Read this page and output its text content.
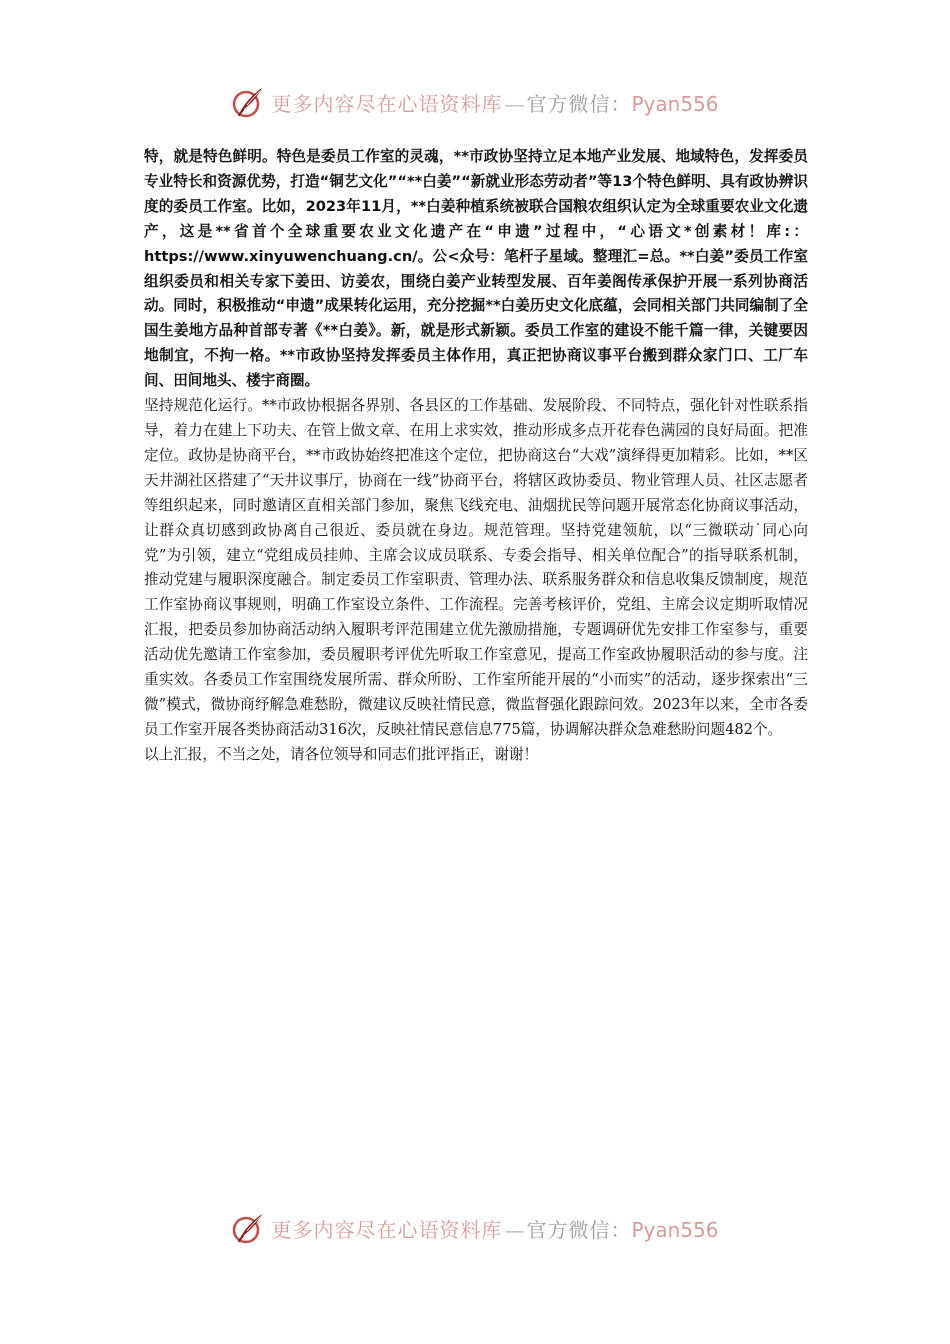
更多内容尽在心语资料库 — 官方微信：Pyan556

特，就是特色鲜明。特色是委员工作室的灵魂，**市政协坚持立足本地产业发展、地域特色，发挥委员专业特长和资源优势，打造“铜艺文化”“**白姜”“新就业形态劳动者”等13个特色鲜明、具有政协辨识度的委员工作室。比如，2023年11月，**白姜种植系统被联合国粮农组织认定为全球重要农业文化遗产，这是**省首个全球重要农业文化遗产在“申遗”过程中，“心语文*创素材！库:：https://www.xinyuwenchuang.cn/。公<众号：笔杆子星域。整理汇=总。**白姜”委员工作室组织委员和相关专家下姜田、访姜农，围绕白姜产业转型发展、百年姜阁传承保护开展一系列协商活动。同时，积极推动“申遗”成果转化运用，充分挖掘**白姜历史文化底蕴，会同相关部门共同编制了全国生姜地方品种首部专著《**白姜》。新，就是形式新颖。委员工作室的建设不能千篇一律，关键要因地制宜，不拘一格。**市政协坚持发挥委员主体作用，真正把协商议事平台搬到群众家门口、工厂车间、田间地头、楼宇商圈。

坚持规范化运行。**市政协根据各界别、各县区的工作基础、发展阶段、不同特点，强化针对性联系指导，着力在建上下功夫、在管上做文章、在用上求实效，推动形成多点开花春色满园的良好局面。把准定位。政协是协商平台，**市政协始终把准这个定位，把协商这台“大戏”演绎得更加精彩。比如，**区天井湖社区搭建了“天井议事厅，协商在一线”协商平台，将辖区政协委员、物业管理人员、社区志愿者等组织起来，同时邀请区直相关部门参加，聚焦飞线充电、油烟扰民等问题开展常态化协商议事活动，让群众真切感到政协离自己很近、委员就在身边。规范管理。坚持党建领航，以“三微联动˙同心向党”为引领，建立“党组成员挂帅、主席会议成员联系、专委会指导、相关单位配合”的指导联系机制，推动党建与履职深度融合。制定委员工作室职责、管理办法、联系服务群众和信息收集反馈制度，规范工作室协商议事规则，明确工作室设立条件、工作流程。完善考核评价，党组、主席会议定期听取情况汇报，把委员参加协商活动纳入履职考评范围建立优先激励措施，专题调研优先安排工作室参与，重要活动优先邀请工作室参加，委员履职考评优先听取工作室意见，提高工作室政协履职活动的参与度。注重实效。各委员工作室围绕发展所需、群众所盼、工作室所能开展的“小而实”的活动，逐步探索出“三微”模式，微协商纾解急难愁盼，微建议反映社情民意，微监督强化跟踪问效。2023年以来，全市各委员工作室开展各类协商活动316次，反映社情民意信息775篇，协调解决群众急难愁盼问题482个。

以上汇报，不当之处，请各位领导和同志们批评指正，谢谢！

更多内容尽在心语资料库 — 官方微信：Pyan556
